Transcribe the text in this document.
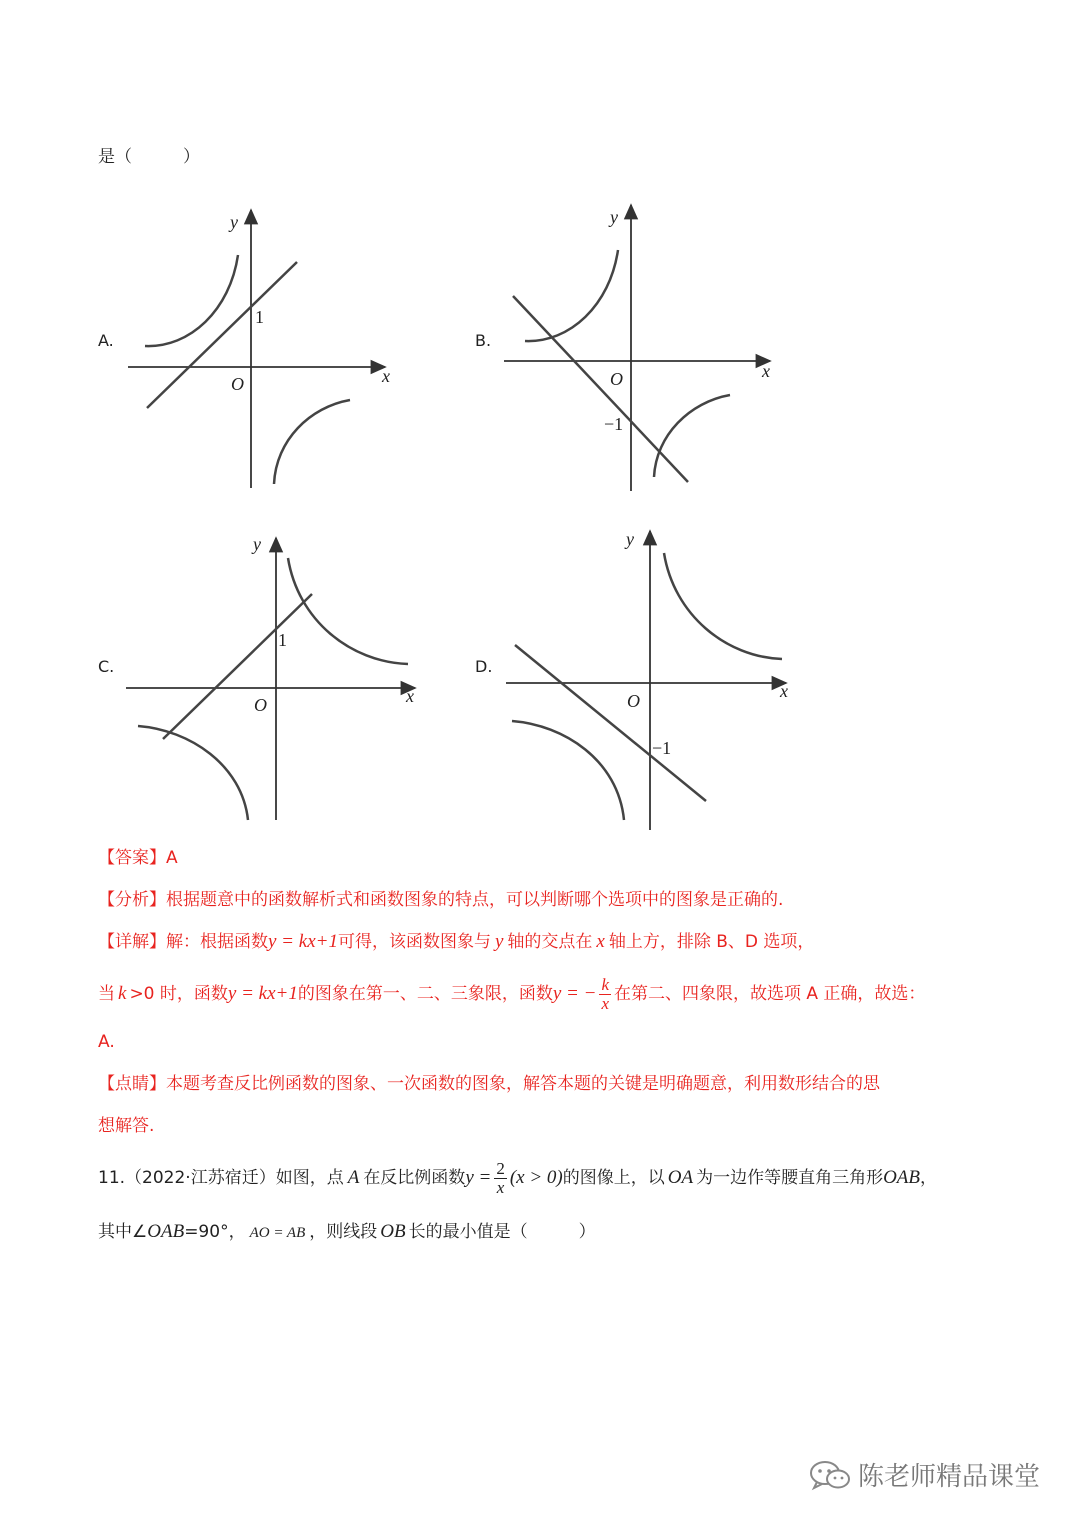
是（　　　）
A.	B.
C.	D.
y
x
O
1
y
x
O
−1
y
x
O
1
y
x
O
−1
【答案】A
【分析】根据题意中的函数解析式和函数图象的特点，可以判断哪个选项中的图象是正确的.
【详解】解：根据函数y = kx+1可得，该函数图象与 y 轴的交点在 x 轴上方，排除 B、D 选项，
当 k >0 时，函数 y = kx+1 的图象在第一、二、三象限，函数 y = − $\frac{k}{x}$ 在第二、四象限，故选项 A 正确，故选：
A.
【点睛】本题考查反比例函数的图象、一次函数的图象，解答本题的关键是明确题意，利用数形结合的思
想解答.
11.（2022·江苏宿迁）如图，点 A 在反比例函数 $y = \frac{2}{x} (x > 0)$ 的图像上，以 OA 为一边作等腰直角三角形 OAB ，
其中∠OAB=90°， AO = AB ，则线段 OB 长的最小值是（　　　）
陈老师精品课堂
